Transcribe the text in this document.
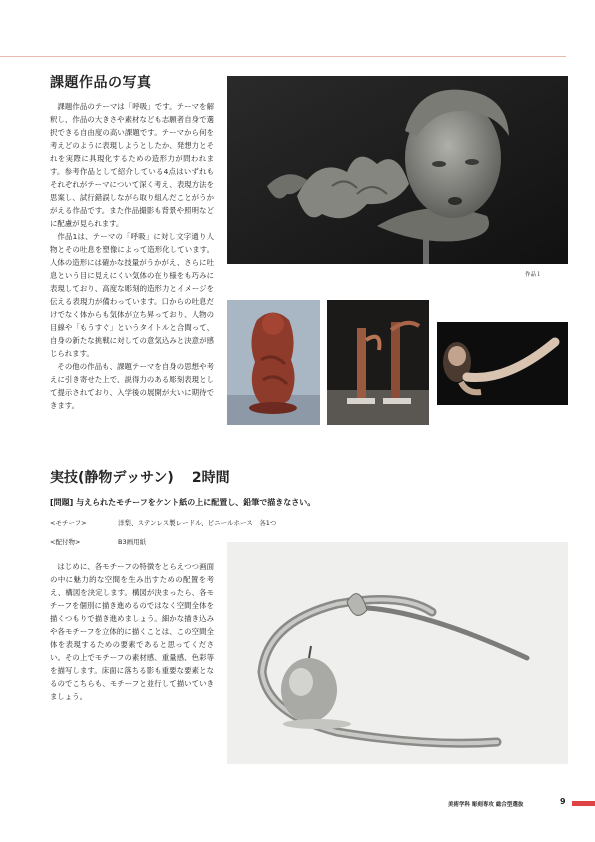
課題作品の写真

課題作品のテーマは「呼吸」です。テーマを解釈し、作品の大きさや素材なども志願者自身で選択できる自由度の高い課題です。テーマから何を考えどのように表現しようとしたか、発想力とそれを実際に具現化するための造形力が問われます。参考作品として紹介している4点はいずれもそれぞれがテーマについて深く考え、表現方法を思案し、試行錯誤しながら取り組んだことがうかがえる作品です。また作品撮影も背景や照明などに配慮が見られます。

作品1は、テーマの「呼吸」に対し文字通り人物とその吐息を塑像によって造形化しています。人体の造形には確かな技量がうかがえ、さらに吐息という目に見えにくい気体の在り様をも巧みに表現しており、高度な彫刻的造形力とイメージを伝える表現力が備わっています。口からの吐息だけでなく体からも気体が立ち昇っており、人物の目線や「もうすぐ」というタイトルと合間って、自身の新たな挑戦に対しての意気込みと決意が感じられます。

その他の作品も、課題テーマを自身の思想や考えに引き寄せた上で、説得力のある彫刻表現として提示されており、入学後の展開が大いに期待できます。

作品１
実技(静物デッサン) 2時間
[問題] 与えられたモチーフをケント紙の上に配置し、鉛筆で描きなさい。
<モチーフ>	洋梨、ステンレス製レードル、ビニールホース　各1つ
<配付物>	B3画用紙

はじめに、各モチーフの特徴をとらえつつ画面の中に魅力的な空間を生み出すための配置を考え、構図を決定します。構図が決まったら、各モチーフを個別に描き進めるのではなく空間全体を描くつもりで描き進めましょう。細かな描き込みや各モチーフを立体的に描くことは、この空間全体を表現するための要素であると思ってください。その上でモチーフの素材感、重量感、色彩等を描写します。床面に落ちる影も重要な要素となるのでこちらも、モチーフと並行して描いていきましょう。

美術学科 彫刻専攻 総合型選抜	9
